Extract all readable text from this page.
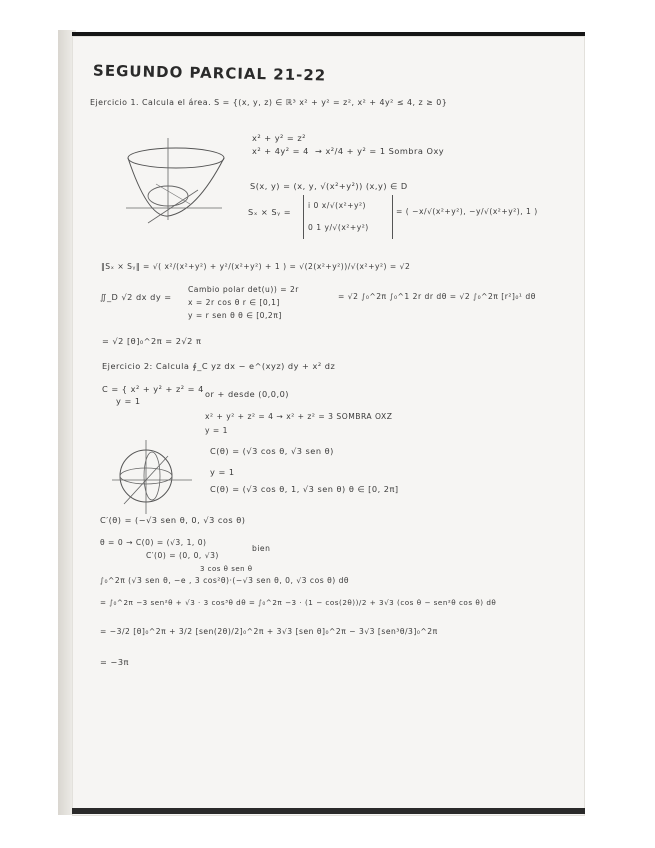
SEGUNDO PARCIAL 21-22
Ejercicio 1. Calcula el área. S = {(x, y, z) ∈ ℝ³ x² + y² = z², x² + 4y² ≤ 4, z ≥ 0}
x² + y² = z²
x² + 4y² = 4 → x²/4 + y² = 1 Sombra Oxy
S(x, y) = (x, y, √(x²+y²)) (x,y) ∈ D
Sₓ × Sᵧ =
i 0 x/√(x²+y²)
0 1 y/√(x²+y²)
= ( −x/√(x²+y²), −y/√(x²+y²), 1 )
‖Sₓ × Sᵧ‖ = √( x²/(x²+y²) + y²/(x²+y²) + 1 ) = √(2(x²+y²))/√(x²+y²) = √2
∬_D √2 dx dy =
Cambio polar det(u)) = 2r
x = 2r cos θ r ∈ [0,1]
y = r sen θ θ ∈ [0,2π]
= √2 ∫₀^2π ∫₀^1 2r dr dθ = √2 ∫₀^2π [r²]₀¹ dθ
= √2 [θ]₀^2π = 2√2 π
Ejercicio 2: Calcula ∮_C yz dx − e^(xyz) dy + x² dz
C = { x² + y² + z² = 4
y = 1
or + desde (0,0,0)
x² + y² + z² = 4 → x² + z² = 3 SOMBRA OXZ
y = 1
C(θ) = (√3 cos θ, √3 sen θ)
y = 1
C(θ) = (√3 cos θ, 1, √3 sen θ) θ ∈ [0, 2π]
C′(θ) = (−√3 sen θ, 0, √3 cos θ)
θ = 0 → C(0) = (√3, 1, 0)
C′(0) = (0, 0, √3)
bien
3 cos θ sen θ
∫₀^2π (√3 sen θ, −e , 3 cos²θ)·(−√3 sen θ, 0, √3 cos θ) dθ
= ∫₀^2π −3 sen²θ + √3 · 3 cos³θ dθ = ∫₀^2π −3 · (1 − cos(2θ))/2 + 3√3 (cos θ − sen²θ cos θ) dθ
= −3/2 [θ]₀^2π + 3/2 [sen(2θ)/2]₀^2π + 3√3 [sen θ]₀^2π − 3√3 [sen³θ/3]₀^2π
= −3π
